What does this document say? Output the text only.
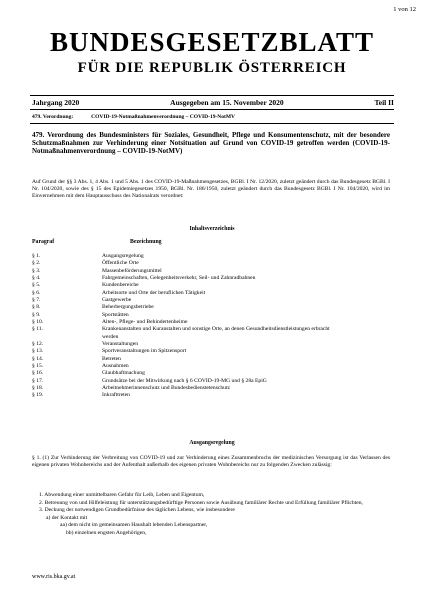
1 von 12
BUNDESGESETZBLATT
FÜR DIE REPUBLIK ÖSTERREICH
Jahrgang 2020	Ausgegeben am 15. November 2020	Teil II
479. Verordnung:	COVID-19-Notmaßnahmenverordnung – COVID-19-NotMV
479. Verordnung des Bundesministers für Soziales, Gesundheit, Pflege und Konsumentenschutz, mit der besondere Schutzmaßnahmen zur Verhinderung einer Notsituation auf Grund von COVID-19 getroffen werden (COVID-19-Notmaßnahmenverordnung – COVID-19-NotMV)
Auf Grund der §§ 3 Abs. 1, 4 Abs. 1 und 5 Abs. 1 des COVID-19-Maßnahmengesetzes, BGBl. I Nr. 12/2020, zuletzt geändert durch das Bundesgesetz BGBl. I Nr. 104/2020, sowie des § 15 des Epidemiegesetzes 1950, BGBl. Nr. 186/1950, zuletzt geändert durch das Bundesgesetz BGBl. I Nr. 104/2020, wird im Einvernehmen mit dem Hauptausschuss des Nationalrats verordnet:
Inhaltsverzeichnis
Paragraf	Bezeichnung
§ 1.	Ausgangsregelung
§ 2.	Öffentliche Orte
§ 3.	Massenbeförderungsmittel
§ 4.	Fahrgemeinschaften, Gelegenheitsverkehr, Seil- und Zahnradbahnen
§ 5.	Kundenbereiche
§ 6.	Arbeitsorte und Orte der beruflichen Tätigkeit
§ 7.	Gastgewerbe
§ 8.	Beherbergungsbetriebe
§ 9.	Sportstätten
§ 10.	Alten-, Pflege- und Behindertenheime
§ 11.	Krankenanstalten und Kuranstalten und sonstige Orte, an denen Gesundheitsdienstleistungen erbracht werden
§ 12.	Veranstaltungen
§ 13.	Sportveranstaltungen im Spitzensport
§ 14.	Betreten
§ 15.	Ausnahmen
§ 16.	Glaubhaftmachung
§ 17.	Grundsätze bei der Mitwirkung nach § 6 COVID-19-MG und § 28a EpiG
§ 18.	Arbeitnehmerinnenschutz und Bundesbedienstetenschutz
§ 19.	Inkrafttreten
Ausgangsregelung
§ 1. (1) Zur Verhinderung der Verbreitung von COVID-19 und zur Verhinderung eines Zusammenbruchs der medizinischen Versorgung ist das Verlassen des eigenen privaten Wohnbereichs und der Aufenthalt außerhalb des eigenen privaten Wohnbereichs nur zu folgenden Zwecken zulässig:
1. Abwendung einer unmittelbaren Gefahr für Leib, Leben und Eigentum,
2. Betreuung von und Hilfeleistung für unterstützungsbedürftige Personen sowie Ausübung familiärer Rechte und Erfüllung familiärer Pflichten,
3. Deckung der notwendigen Grundbedürfnisse des täglichen Lebens, wie insbesondere
a) der Kontakt mit
aa) dem nicht im gemeinsamen Haushalt lebenden Lebenspartner,
bb) einzelnen engsten Angehörigen,
www.ris.bka.gv.at
